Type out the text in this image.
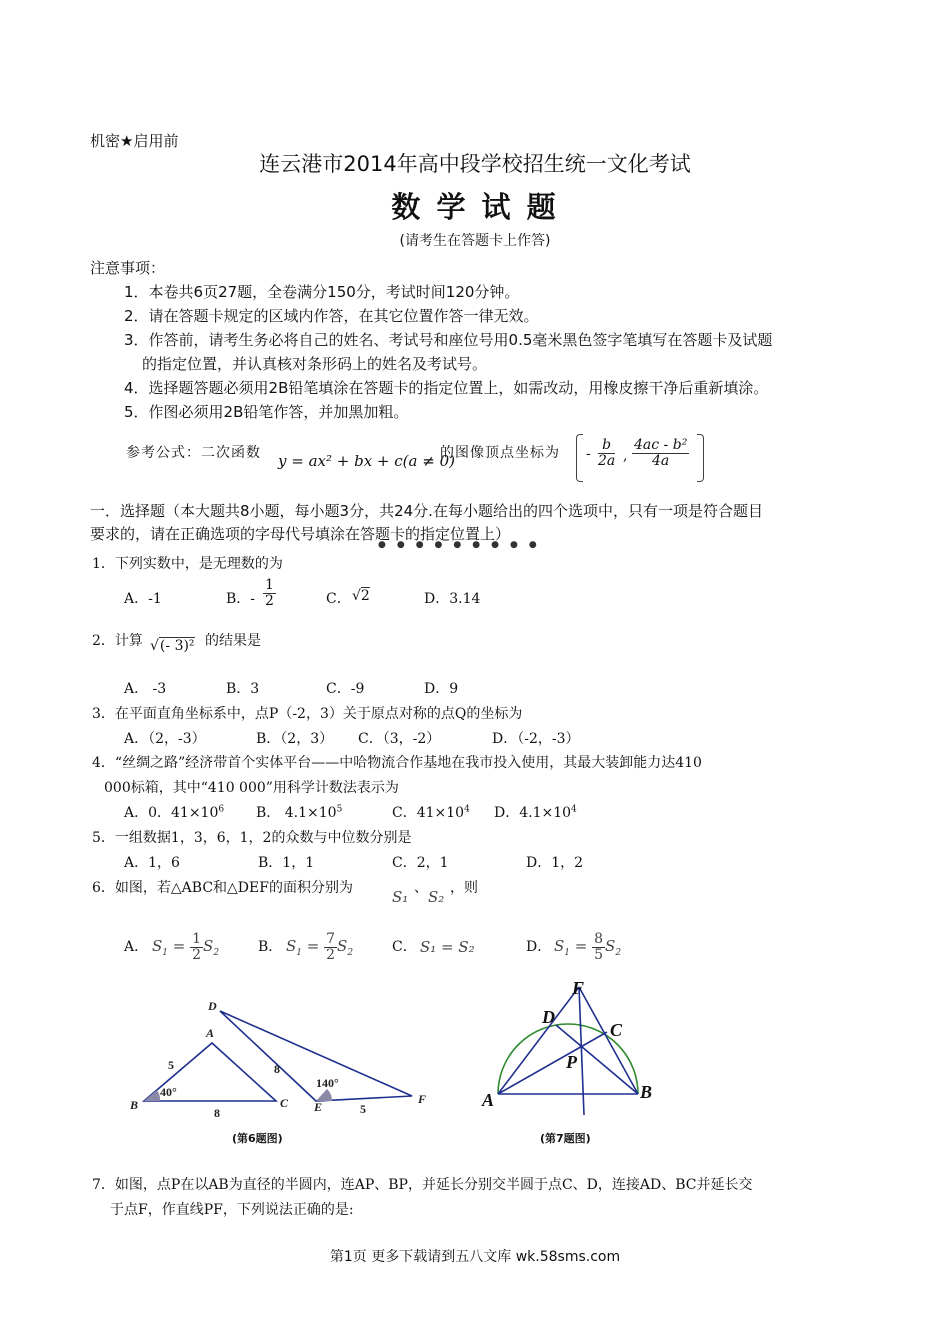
机密★启用前
连云港市2014年高中段学校招生统一文化考试
数 学 试 题
(请考生在答题卡上作答)
注意事项：
1．本卷共6页27题，全卷满分150分，考试时间120分钟。
2．请在答题卡规定的区域内作答，在其它位置作答一律无效。
3．作答前，请考生务必将自己的姓名、考试号和座位号用0.5毫米黑色签字笔填写在答题卡及试题
的指定位置，并认真核对条形码上的姓名及考试号。
4．选择题答题必须用2B铅笔填涂在答题卡的指定位置上，如需改动，用橡皮擦干净后重新填涂。
5．作图必须用2B铅笔作答，并加黑加粗。
参考公式：二次函数 y = ax² + bx + c(a ≠ 0)
的图像顶点坐标为 - $\frac{b}{2a}$ , $\frac{\text{4ac - b²}}{4a}$
一．选择题（本大题共8小题，每小题3分，共24分.在每小题给出的四个选项中，只有一项是符合题目
要求的，请在正确选项的字母代号填涂在答题卡的指定位置上）
●●●●●●●●●
1．下列实数中，是无理数的为
A．-1	B．- $\frac{1}{2}$	C． √2	D．3.14
2．计算 √(- 3)² 的结果是
A． -3	B．3	C．-9	D．9
3．在平面直角坐标系中，点P（-2，3）关于原点对称的点Q的坐标为
A．（2，-3）	B．（2，3） C．（3，-2）	D．（-2，-3）
4．“丝绸之路”经济带首个实体平台——中哈物流合作基地在我市投入使用，其最大装卸能力达410
000标箱，其中“410 000”用科学计数法表示为
A．0．$41\times 10^6$ B． $4.1\times 10^5$	C．$41\times 10^4$ D．$4.1\times 10^4$
5．一组数据1，3，6，1，2的众数与中位数分别是
A．1，6	B．1，1	C．2，1	D．1，2
6．如图，若△ABC和△DEF的面积分别为	S₁ 、 S₂ ，则
A． $S_1 = \frac{1}{2} S_2$	B． $S_1 = \frac{7}{2} S_2$	C． S₁ = S₂	D． $S_1 = \frac{8}{5} S_2$
A
B	C
D
E
F
5
8
8
5
40°
140°
(第6题图)
F
D
C
P
A	B
(第7题图)
7．如图，点P在以AB为直径的半圆内，连AP、BP，并延长分别交半圆于点C、D，连接AD、BC并延长交
于点F，作直线PF，下列说法正确的是:
第1页 更多下载请到五八文库 wk.58sms.com
